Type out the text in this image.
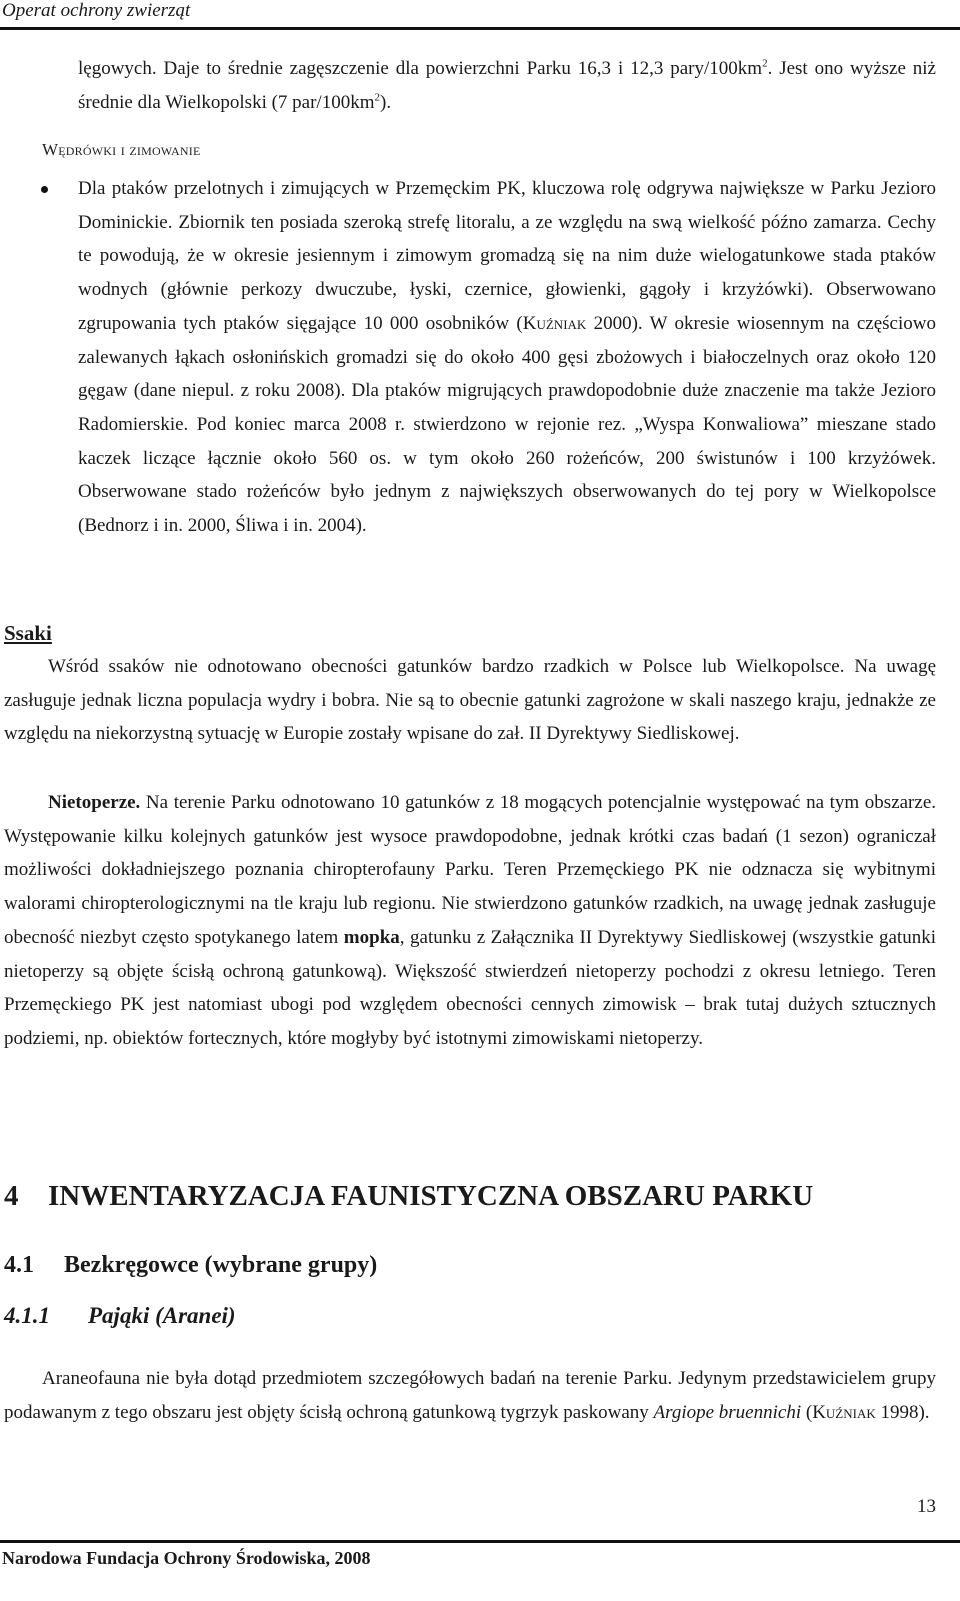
Operat ochrony zwierząt
lęgowych. Daje to średnie zagęszczenie dla powierzchni Parku 16,3 i 12,3 pary/$100km^2$. Jest ono wyższe niż średnie dla Wielkopolski (7 par/$100km^2$).
Wędrówki i zimowanie
Dla ptaków przelotnych i zimujących w Przemęckim PK, kluczowa rolę odgrywa największe w Parku Jezioro Dominickie. Zbiornik ten posiada szeroką strefę litoralu, a ze względu na swą wielkość późno zamarza. Cechy te powodują, że w okresie jesiennym i zimowym gromadzą się na nim duże wielogatunkowe stada ptaków wodnych (głównie perkozy dwuczube, łyski, czernice, głowienki, gągoły i krzyżówki). Obserwowano zgrupowania tych ptaków sięgające 10 000 osobników (Kuźniak 2000). W okresie wiosennym na częściowo zalewanych łąkach osłonińskich gromadzi się do około 400 gęsi zbożowych i białoczelnych oraz około 120 gęgaw (dane niepul. z roku 2008). Dla ptaków migrujących prawdopodobnie duże znaczenie ma także Jezioro Radomierskie. Pod koniec marca 2008 r. stwierdzono w rejonie rez. „Wyspa Konwaliowa” mieszane stado kaczek liczące łącznie około 560 os. w tym około 260 rożeńców, 200 świstunów i 100 krzyżówek. Obserwowane stado rożeńców było jednym z największych obserwowanych do tej pory w Wielkopolsce (Bednorz i in. 2000, Śliwa i in. 2004).
Ssaki
Wśród ssaków nie odnotowano obecności gatunków bardzo rzadkich w Polsce lub Wielkopolsce. Na uwagę zasługuje jednak liczna populacja wydry i bobra. Nie są to obecnie gatunki zagrożone w skali naszego kraju, jednakże ze względu na niekorzystną sytuację w Europie zostały wpisane do zał. II Dyrektywy Siedliskowej.
Nietoperze. Na terenie Parku odnotowano 10 gatunków z 18 mogących potencjalnie występować na tym obszarze. Występowanie kilku kolejnych gatunków jest wysoce prawdopodobne, jednak krótki czas badań (1 sezon) ograniczał możliwości dokładniejszego poznania chiropterofauny Parku. Teren Przemęckiego PK nie odznacza się wybitnymi walorami chiropterologicznymi na tle kraju lub regionu. Nie stwierdzono gatunków rzadkich, na uwagę jednak zasługuje obecność niezbyt często spotykanego latem mopka, gatunku z Załącznika II Dyrektywy Siedliskowej (wszystkie gatunki nietoperzy są objęte ścisłą ochroną gatunkową). Większość stwierdzeń nietoperzy pochodzi z okresu letniego. Teren Przemęckiego PK jest natomiast ubogi pod względem obecności cennych zimowisk – brak tutaj dużych sztucznych podziemi, np. obiektów fortecznych, które mogłyby być istotnymi zimowiskami nietoperzy.
4 INWENTARYZACJA FAUNISTYCZNA OBSZARU PARKU
4.1 Bezkręgowce (wybrane grupy)
4.1.1 Pająki (Aranei)
Araneofauna nie była dotąd przedmiotem szczegółowych badań na terenie Parku. Jedynym przedstawicielem grupy podawanym z tego obszaru jest objęty ścisłą ochroną gatunkową tygrzyk paskowany Argiope bruennichi (Kuźniak 1998).
13
Narodowa Fundacja Ochrony Środowiska, 2008
